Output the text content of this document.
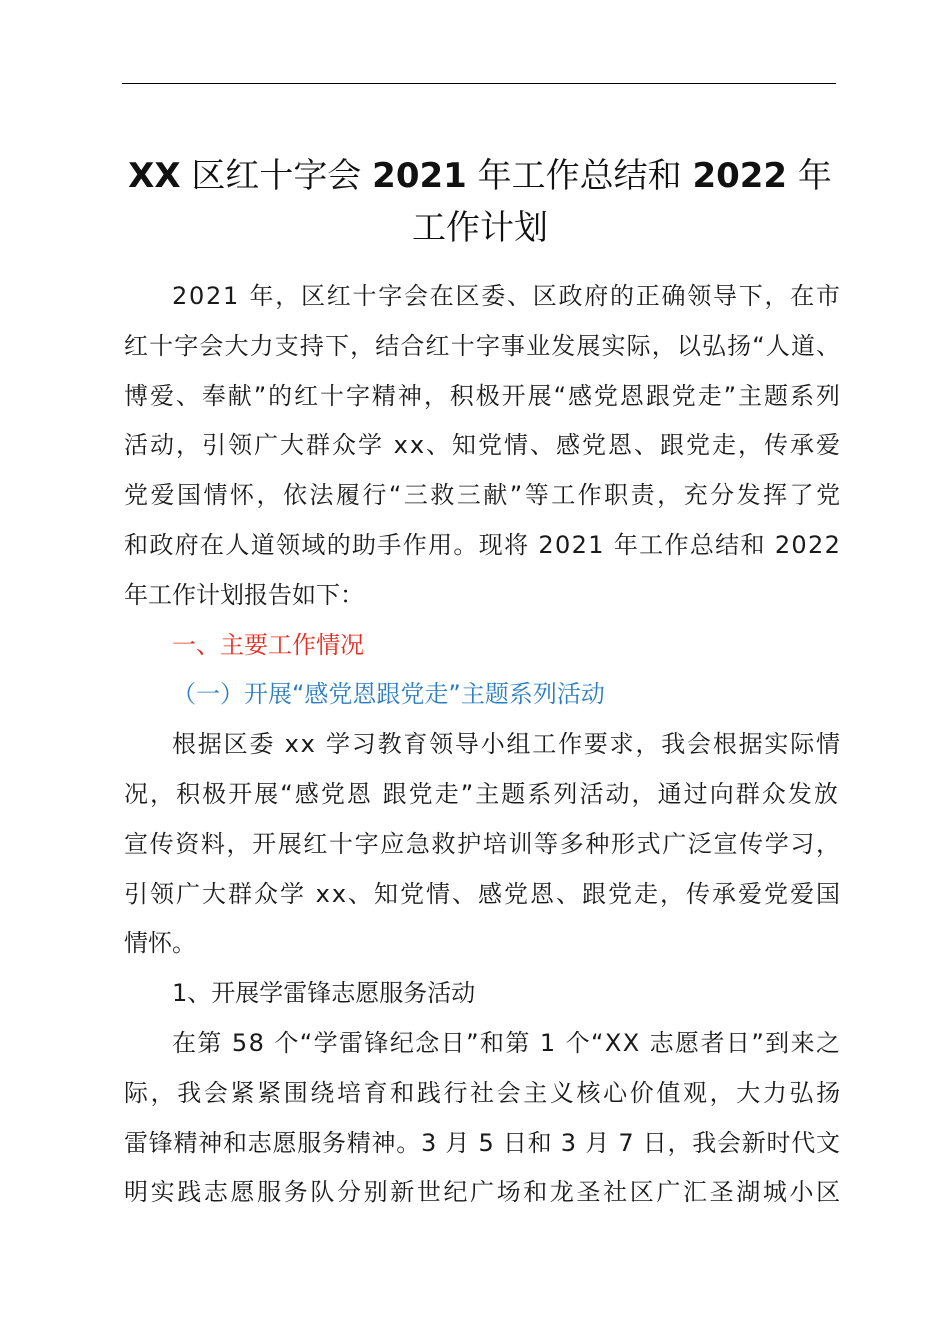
XX 区红十字会 2021 年工作总结和 2022 年
工作计划
2021 年，区红十字会在区委、区政府的正确领导下，在市
红十字会大力支持下，结合红十字事业发展实际，以弘扬“人道、
博爱、奉献”的红十字精神，积极开展“感党恩跟党走”主题系列
活动，引领广大群众学 xx、知党情、感党恩、跟党走，传承爱
党爱国情怀，依法履行“三救三献”等工作职责，充分发挥了党
和政府在人道领域的助手作用。现将 2021 年工作总结和 2022
年工作计划报告如下：
一、主要工作情况
（一）开展“感党恩跟党走”主题系列活动
根据区委 xx 学习教育领导小组工作要求，我会根据实际情
况，积极开展“感党恩 跟党走”主题系列活动，通过向群众发放
宣传资料，开展红十字应急救护培训等多种形式广泛宣传学习，
引领广大群众学 xx、知党情、感党恩、跟党走，传承爱党爱国
情怀。
1、开展学雷锋志愿服务活动
在第 58 个“学雷锋纪念日”和第 1 个“XX 志愿者日”到来之
际，我会紧紧围绕培育和践行社会主义核心价值观，大力弘扬
雷锋精神和志愿服务精神。3 月 5 日和 3 月 7 日，我会新时代文
明实践志愿服务队分别新世纪广场和龙圣社区广汇圣湖城小区
